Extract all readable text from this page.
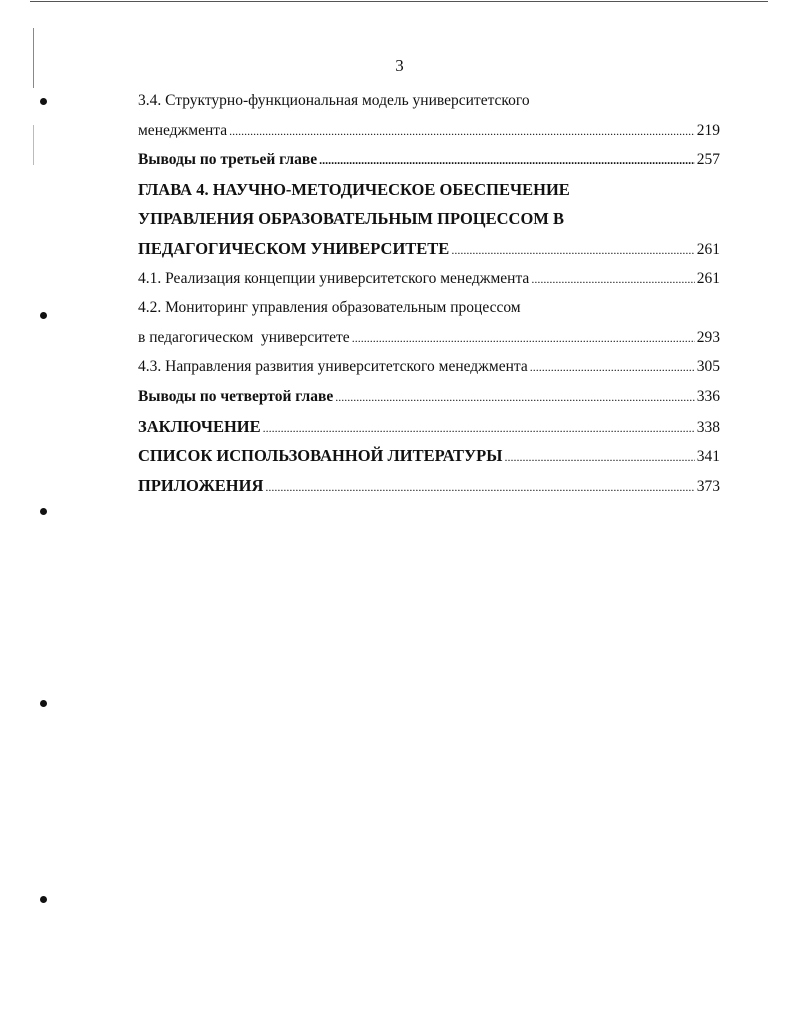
3
3.4. Структурно-функциональная модель университетского
менеджмента .....	219
Выводы по третьей главе .....	257
ГЛАВА 4. НАУЧНО-МЕТОДИЧЕСКОЕ ОБЕСПЕЧЕНИЕ
УПРАВЛЕНИЯ ОБРАЗОВАТЕЛЬНЫМ ПРОЦЕССОМ В
ПЕДАГОГИЧЕСКОМ УНИВЕРСИТЕТЕ .....	261
4.1. Реализация концепции университетского менеджмента .....	261
4.2. Мониторинг управления образовательным процессом
в педагогическом  университете .....	293
4.3. Направления развития университетского менеджмента .....	305
Выводы по четвертой главе .....	336
ЗАКЛЮЧЕНИЕ .....	338
СПИСОК ИСПОЛЬЗОВАННОЙ ЛИТЕРАТУРЫ .....	341
ПРИЛОЖЕНИЯ .....	373
